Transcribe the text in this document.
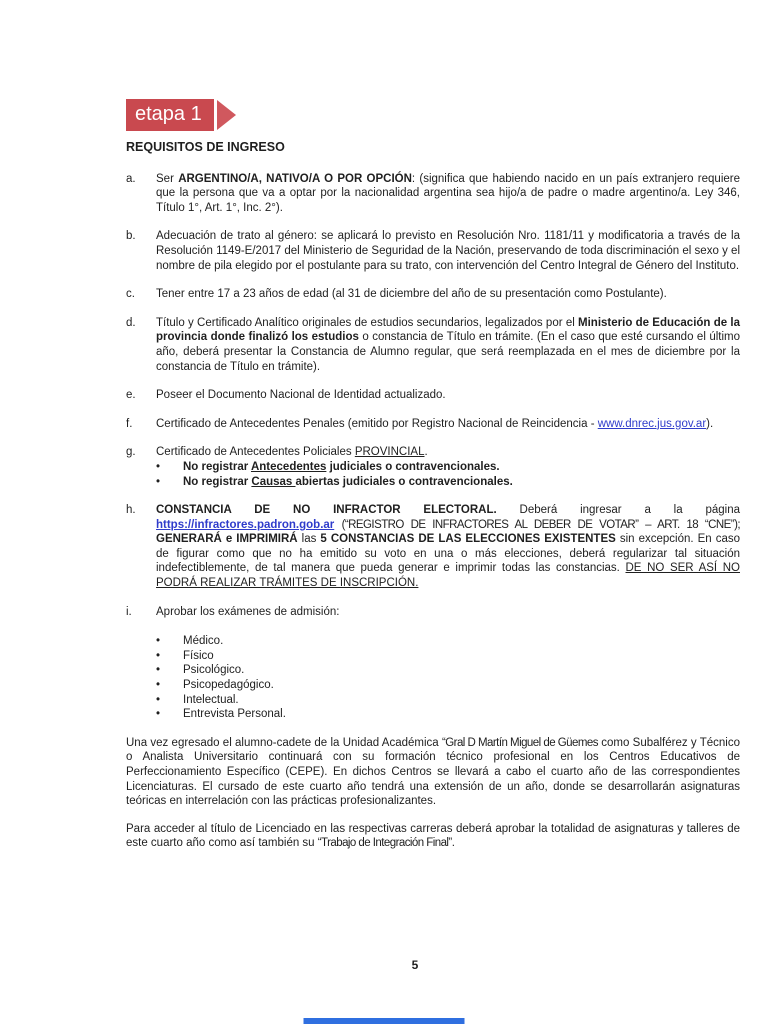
etapa 1
REQUISITOS DE INGRESO
a.	Ser ARGENTINO/A, NATIVO/A O POR OPCIÓN: (significa que habiendo nacido en un país extranjero requiere que la persona que va a optar por la nacionalidad argentina sea hijo/a de padre o madre argentino/a. Ley 346, Título 1°, Art. 1°, Inc. 2°).
b.	Adecuación de trato al género: se aplicará lo previsto en Resolución Nro. 1181/11 y modificatoria a través de la Resolución 1149-E/2017 del Ministerio de Seguridad de la Nación, preservando de toda discriminación el sexo y el nombre de pila elegido por el postulante para su trato, con intervención del Centro Integral de Género del Instituto.
c.	Tener entre 17 a 23 años de edad (al 31 de diciembre del año de su presentación como Postulante).
d.	Título y Certificado Analítico originales de estudios secundarios, legalizados por el Ministerio de Educación de la provincia donde finalizó los estudios o constancia de Título en trámite. (En el caso que esté cursando el último año, deberá presentar la Constancia de Alumno regular, que será reemplazada en el mes de diciembre por la constancia de Título en trámite).
e.	Poseer el Documento Nacional de Identidad actualizado.
f.	Certificado de Antecedentes Penales (emitido por Registro Nacional de Reincidencia - www.dnrec.jus.gov.ar).
g.	Certificado de Antecedentes Policiales PROVINCIAL.
•	No registrar Antecedentes judiciales o contravencionales.
•	No registrar Causas abiertas judiciales o contravencionales.
h.	CONSTANCIA DE NO INFRACTOR ELECTORAL. Deberá ingresar a la página https://infractores.padron.gob.ar (“REGISTRO DE INFRACTORES AL DEBER DE VOTAR” – ART. 18 “CNE”); GENERARÁ e IMPRIMIRÁ las 5 CONSTANCIAS DE LAS ELECCIONES EXISTENTES sin excepción. En caso de figurar como que no ha emitido su voto en una o más elecciones, deberá regularizar tal situación indefectiblemente, de tal manera que pueda generar e imprimir todas las constancias. DE NO SER ASÍ NO PODRÁ REALIZAR TRÁMITES DE INSCRIPCIÓN.
i.	Aprobar los exámenes de admisión:
•	Médico.
•	Físico
•	Psicológico.
•	Psicopedagógico.
•	Intelectual.
•	Entrevista Personal.
Una vez egresado el alumno-cadete de la Unidad Académica “Gral D Martín Miguel de Güemes como Subalférez y Técnico o Analista Universitario continuará con su formación técnico profesional en los Centros Educativos de Perfeccionamiento Específico (CEPE). En dichos Centros se llevará a cabo el cuarto año de las correspondientes Licenciaturas. El cursado de este cuarto año tendrá una extensión de un año, donde se desarrollarán asignaturas teóricas en interrelación con las prácticas profesionalizantes.
Para acceder al título de Licenciado en las respectivas carreras deberá aprobar la totalidad de asignaturas y talleres de este cuarto año como así también su “Trabajo de Integración Final”.
5
